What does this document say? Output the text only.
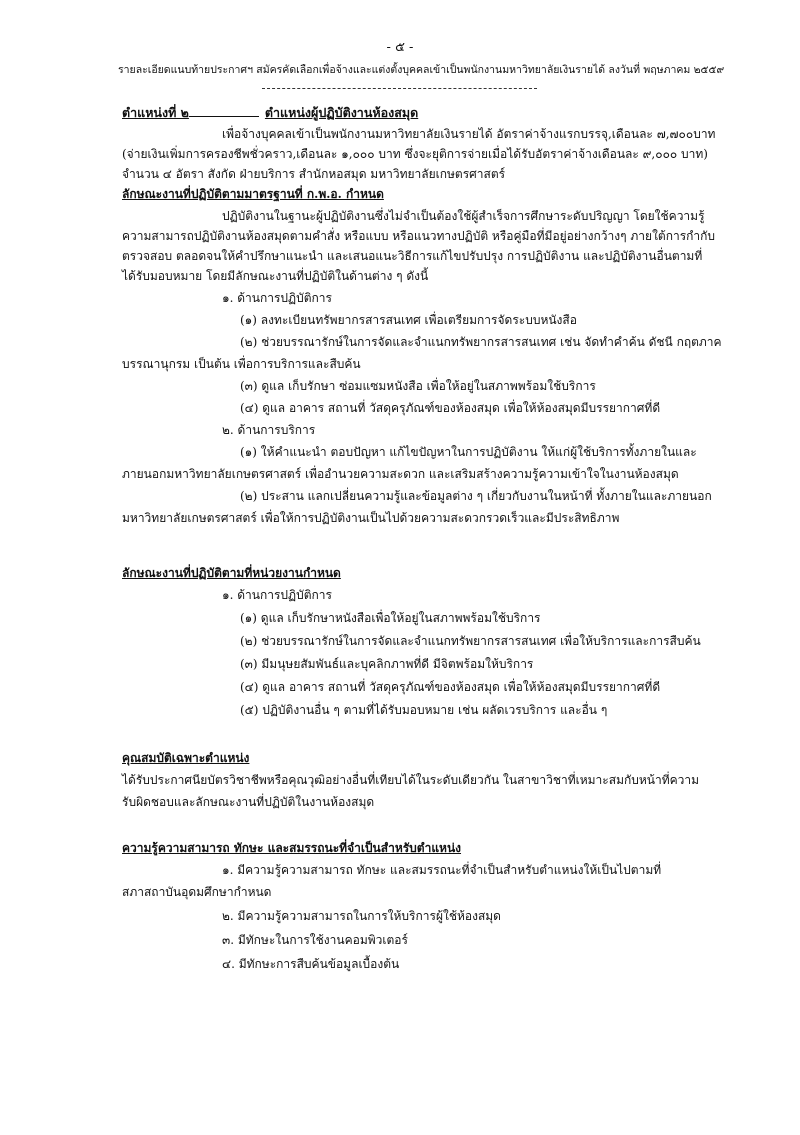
- ๕ -
รายละเอียดแนบท้ายประกาศฯ สมัครคัดเลือกเพื่อจ้างและแต่งตั้งบุคคลเข้าเป็นพนักงานมหาวิทยาลัยเงินรายได้ ลงวันที่ พฤษภาคม ๒๕๕๙
ตำแหน่งที่ ๒	ตำแหน่งผู้ปฏิบัติงานห้องสมุด
เพื่อจ้างบุคคลเข้าเป็นพนักงานมหาวิทยาลัยเงินรายได้ อัตราค่าจ้างแรกบรรจุ,เดือนละ ๗,๗๐๐บาท
(จ่ายเงินเพิ่มการครองชีพชั่วคราว,เดือนละ ๑,๐๐๐ บาท ซึ่งจะยุติการจ่ายเมื่อได้รับอัตราค่าจ้างเดือนละ ๙,๐๐๐ บาท)
จำนวน ๔ อัตรา สังกัด ฝ่ายบริการ สำนักหอสมุด มหาวิทยาลัยเกษตรศาสตร์
ลักษณะงานที่ปฏิบัติตามมาตรฐานที่ ก.พ.อ. กำหนด
ปฏิบัติงานในฐานะผู้ปฏิบัติงานซึ่งไม่จำเป็นต้องใช้ผู้สำเร็จการศึกษาระดับปริญญา โดยใช้ความรู้
ความสามารถปฏิบัติงานห้องสมุดตามคำสั่ง หรือแบบ หรือแนวทางปฏิบัติ หรือคู่มือที่มีอยู่อย่างกว้างๆ ภายใต้การกำกับ
ตรวจสอบ ตลอดจนให้คำปรึกษาแนะนำ และเสนอแนะวิธีการแก้ไขปรับปรุง การปฏิบัติงาน และปฏิบัติงานอื่นตามที่
ได้รับมอบหมาย โดยมีลักษณะงานที่ปฏิบัติในด้านต่าง ๆ ดังนี้
๑. ด้านการปฏิบัติการ
(๑) ลงทะเบียนทรัพยากรสารสนเทศ เพื่อเตรียมการจัดระบบหนังสือ
(๒) ช่วยบรรณารักษ์ในการจัดและจำแนกทรัพยากรสารสนเทศ เช่น จัดทำคำค้น ดัชนี กฤตภาค
บรรณานุกรม เป็นต้น เพื่อการบริการและสืบค้น
(๓) ดูแล เก็บรักษา ซ่อมแซมหนังสือ เพื่อให้อยู่ในสภาพพร้อมใช้บริการ
(๔) ดูแล อาคาร สถานที่ วัสดุครุภัณฑ์ของห้องสมุด เพื่อให้ห้องสมุดมีบรรยากาศที่ดี
๒. ด้านการบริการ
(๑) ให้คำแนะนำ ตอบปัญหา แก้ไขปัญหาในการปฏิบัติงาน ให้แก่ผู้ใช้บริการทั้งภายในและ
ภายนอกมหาวิทยาลัยเกษตรศาสตร์ เพื่ออำนวยความสะดวก และเสริมสร้างความรู้ความเข้าใจในงานห้องสมุด
(๒) ประสาน แลกเปลี่ยนความรู้และข้อมูลต่าง ๆ เกี่ยวกับงานในหน้าที่ ทั้งภายในและภายนอก
มหาวิทยาลัยเกษตรศาสตร์ เพื่อให้การปฏิบัติงานเป็นไปด้วยความสะดวกรวดเร็วและมีประสิทธิภาพ
ลักษณะงานที่ปฏิบัติตามที่หน่วยงานกำหนด
๑. ด้านการปฏิบัติการ
(๑) ดูแล เก็บรักษาหนังสือเพื่อให้อยู่ในสภาพพร้อมใช้บริการ
(๒) ช่วยบรรณารักษ์ในการจัดและจำแนกทรัพยากรสารสนเทศ เพื่อให้บริการและการสืบค้น
(๓) มีมนุษยสัมพันธ์และบุคลิกภาพที่ดี มีจิตพร้อมให้บริการ
(๔) ดูแล อาคาร สถานที่ วัสดุครุภัณฑ์ของห้องสมุด เพื่อให้ห้องสมุดมีบรรยากาศที่ดี
(๕) ปฏิบัติงานอื่น ๆ ตามที่ได้รับมอบหมาย เช่น ผลัดเวรบริการ และอื่น ๆ
คุณสมบัติเฉพาะตำแหน่ง
ได้รับประกาศนียบัตรวิชาชีพหรือคุณวุฒิอย่างอื่นที่เทียบได้ในระดับเดียวกัน ในสาขาวิชาที่เหมาะสมกับหน้าที่ความ
รับผิดชอบและลักษณะงานที่ปฏิบัติในงานห้องสมุด
ความรู้ความสามารถ ทักษะ และสมรรถนะที่จำเป็นสำหรับตำแหน่ง
๑. มีความรู้ความสามารถ ทักษะ และสมรรถนะที่จำเป็นสำหรับตำแหน่งให้เป็นไปตามที่
สภาสถาบันอุดมศึกษากำหนด
๒. มีความรู้ความสามารถในการให้บริการผู้ใช้ห้องสมุด
๓. มีทักษะในการใช้งานคอมพิวเตอร์
๔. มีทักษะการสืบค้นข้อมูลเบื้องต้น
